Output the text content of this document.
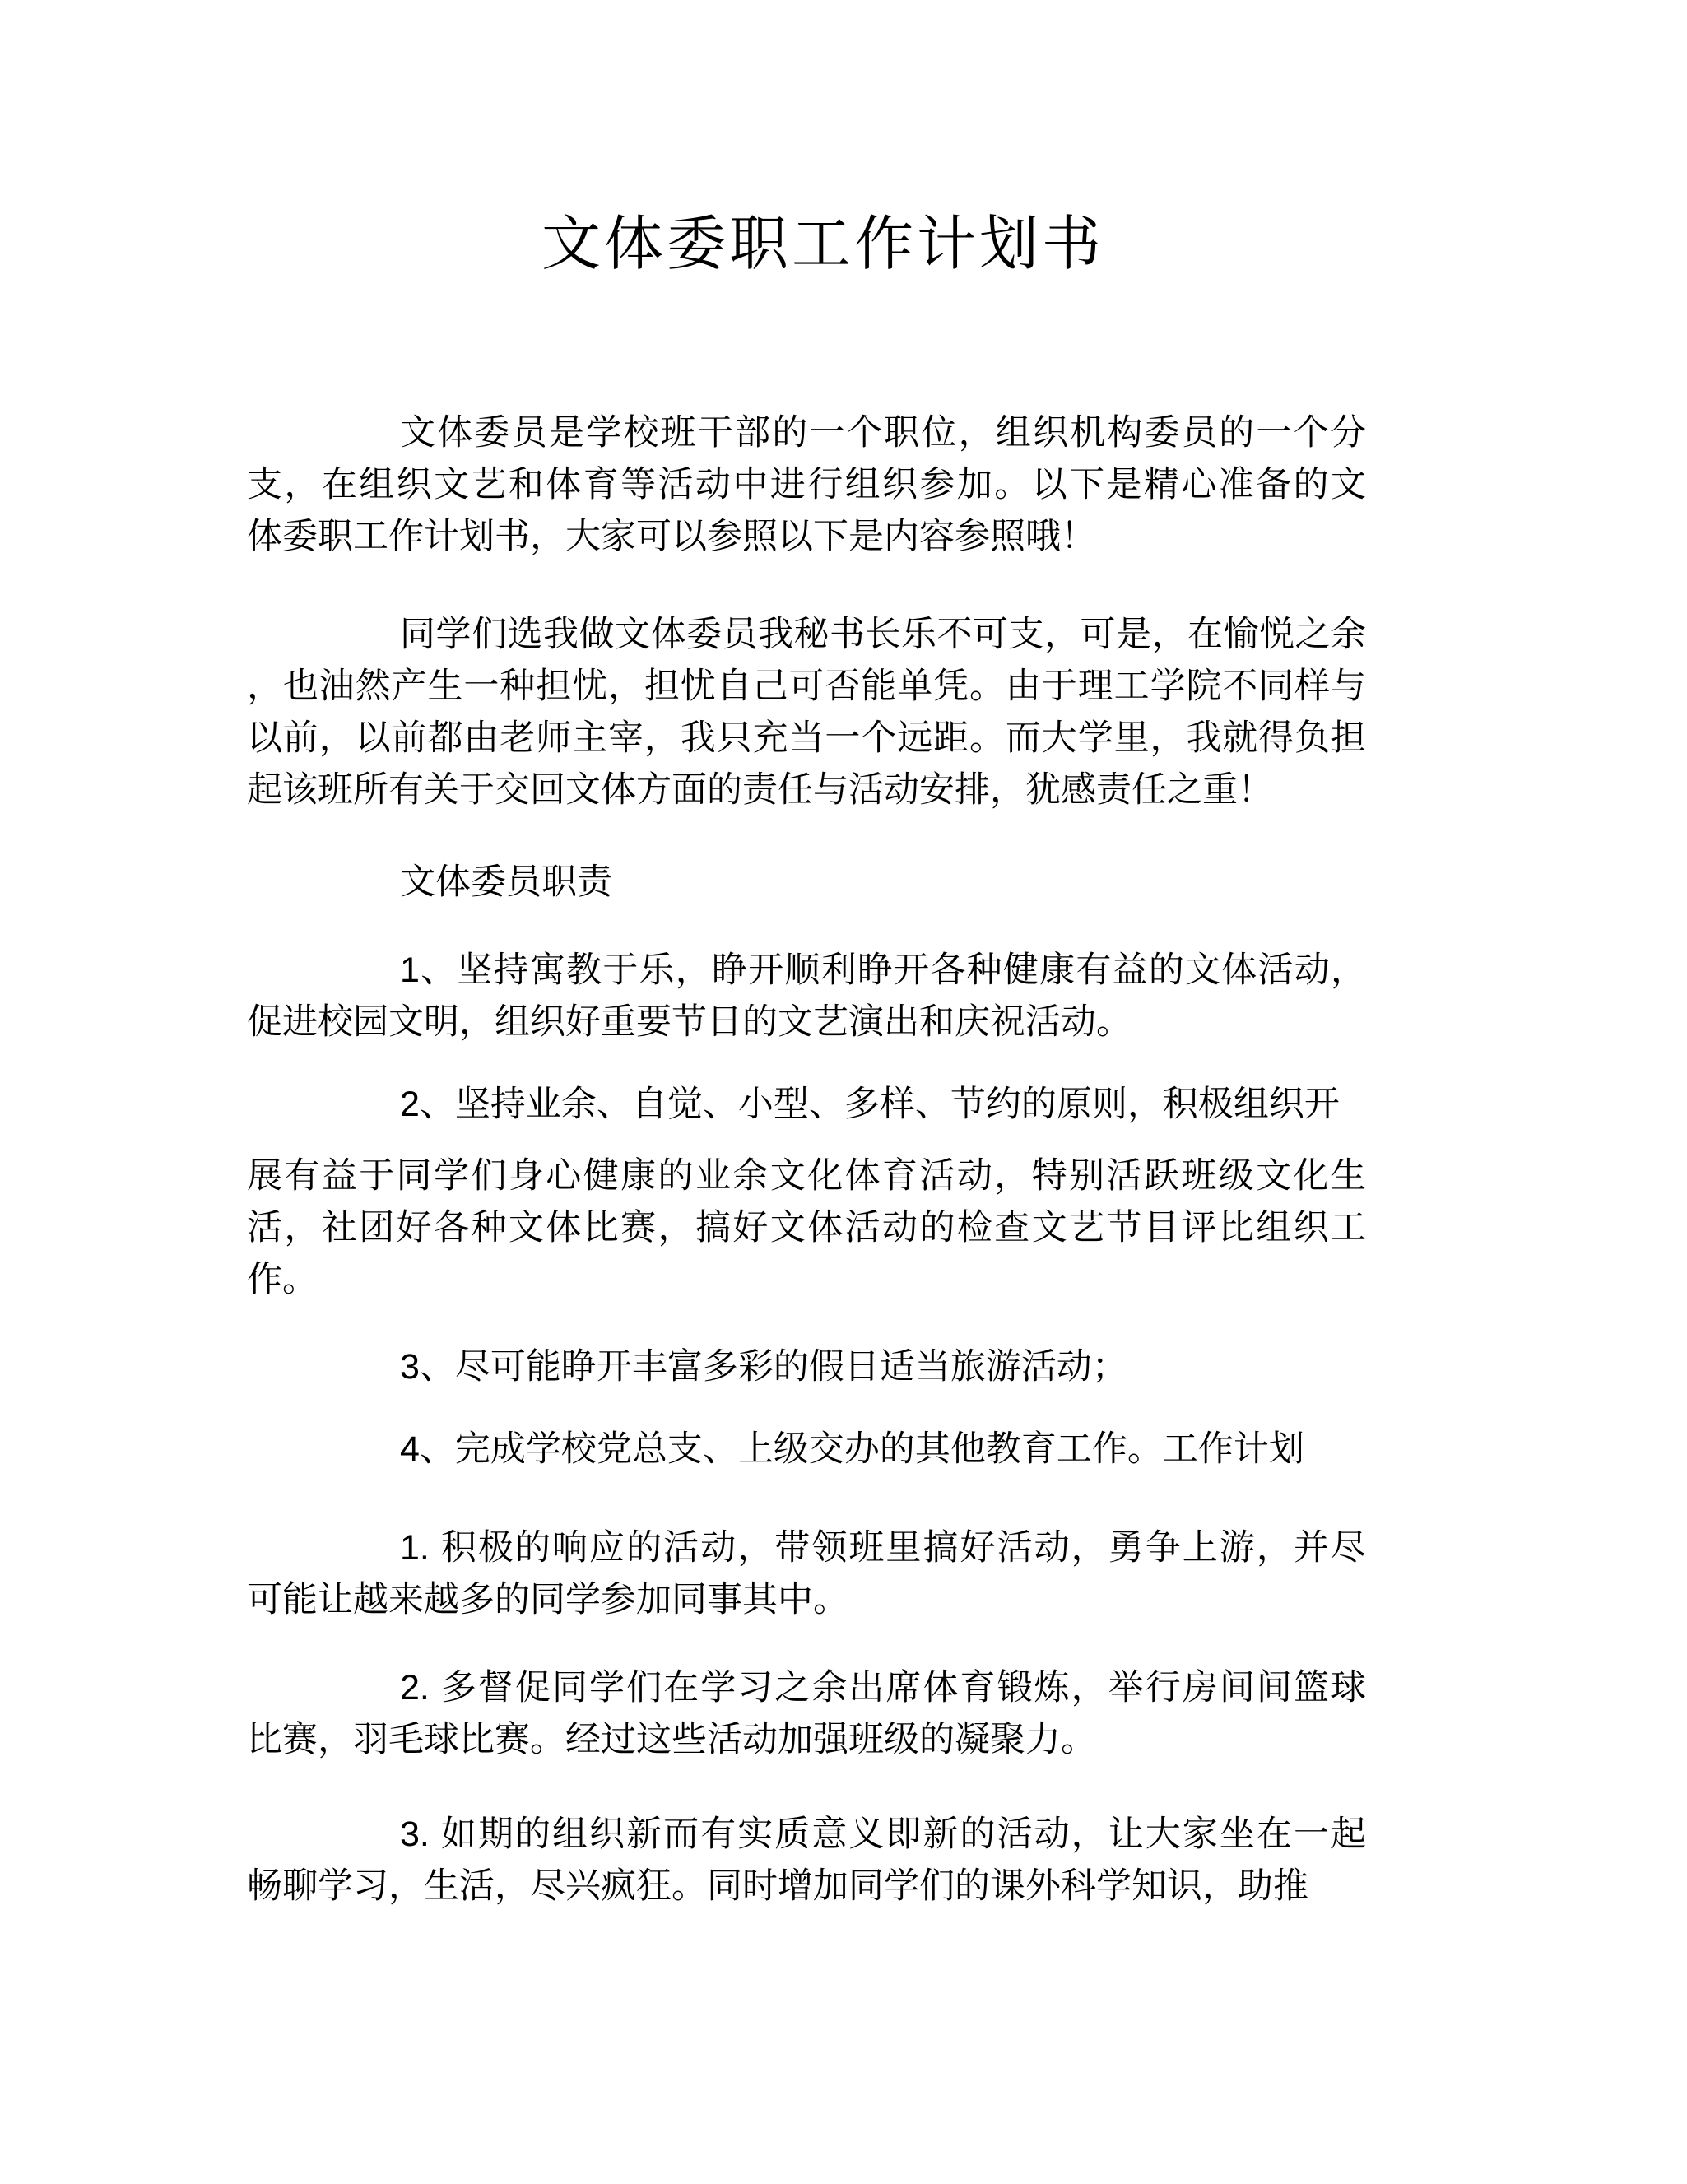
文体委职工作计划书
文体委员是学校班干部的一个职位，组织机构委员的一个分
支，在组织文艺和体育等活动中进行组织参加。以下是精心准备的文
体委职工作计划书，大家可以参照以下是内容参照哦！
同学们选我做文体委员我秘书长乐不可支，可是，在愉悦之余
，也油然产生一种担忧，担忧自己可否能单凭。由于理工学院不同样与
以前，以前都由老师主宰，我只充当一个远距。而大学里，我就得负担
起该班所有关于交回文体方面的责任与活动安排，犹感责任之重！
文体委员职责
1、坚持寓教于乐，睁开顺利睁开各种健康有益的文体活动，
促进校园文明，组织好重要节日的文艺演出和庆祝活动。
2、坚持业余、自觉、小型、多样、节约的原则，积极组织开
展有益于同学们身心健康的业余文化体育活动，特别活跃班级文化生
活，社团好各种文体比赛，搞好文体活动的检查文艺节目评比组织工
作。
3、尽可能睁开丰富多彩的假日适当旅游活动；
4、完成学校党总支、上级交办的其他教育工作。工作计划
1. 积极的响应的活动，带领班里搞好活动，勇争上游，并尽
可能让越来越多的同学参加同事其中。
2. 多督促同学们在学习之余出席体育锻炼，举行房间间篮球
比赛，羽毛球比赛。经过这些活动加强班级的凝聚力。
3. 如期的组织新而有实质意义即新的活动，让大家坐在一起
畅聊学习，生活，尽兴疯狂。同时增加同学们的课外科学知识，助推
